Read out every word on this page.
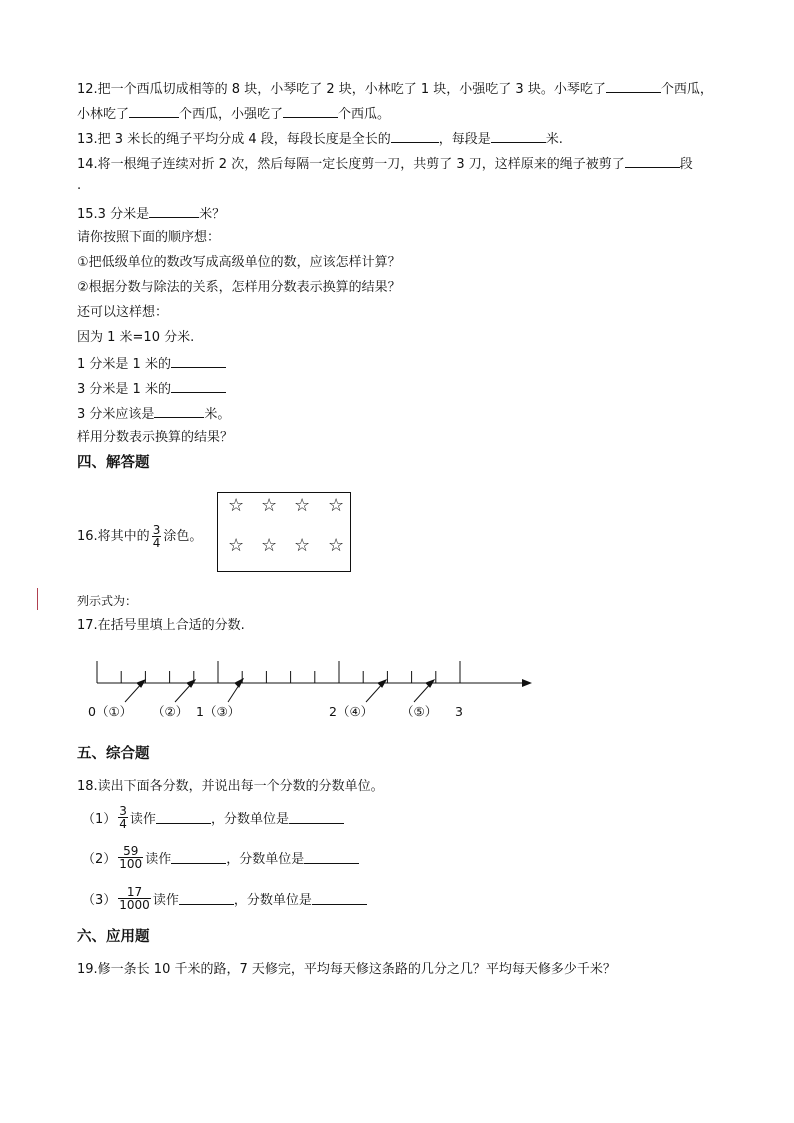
12.把一个西瓜切成相等的 8 块，小琴吃了 2 块，小林吃了 1 块，小强吃了 3 块。小琴吃了	个西瓜，
小林吃了	个西瓜，小强吃了	个西瓜。
13.把 3 米长的绳子平均分成 4 段，每段长度是全长的	，每段是	米.
14.将一根绳子连续对折 2 次，然后每隔一定长度剪一刀，共剪了 3 刀，这样原来的绳子被剪了	段
.
15.3 分米是	米？
请你按照下面的顺序想：
①把低级单位的数改写成高级单位的数，应该怎样计算？
②根据分数与除法的关系，怎样用分数表示换算的结果？
还可以这样想：
因为 1 米=10 分米.
1 分米是 1 米的
3 分米是 1 米的
3 分米应该是	米。
样用分数表示换算的结果？
四、解答题
16.将其中的 $\frac{3}{4}$ 涂色。
☆ ☆ ☆ ☆
☆ ☆ ☆ ☆
列示式为：
17.在括号里填上合适的分数.
0（①） （②） 1（③）	2（④） （⑤） 3
五、综合题
18.读出下面各分数，并说出每一个分数的分数单位。
$(1) \frac{3}{4}$ 读作	，分数单位是
$(2) \frac{59}{100}$ 读作	，分数单位是
$(3) \frac{17}{1000}$ 读作	，分数单位是
六、应用题
19.修一条长 10 千米的路，7 天修完，平均每天修这条路的几分之几？平均每天修多少千米？
